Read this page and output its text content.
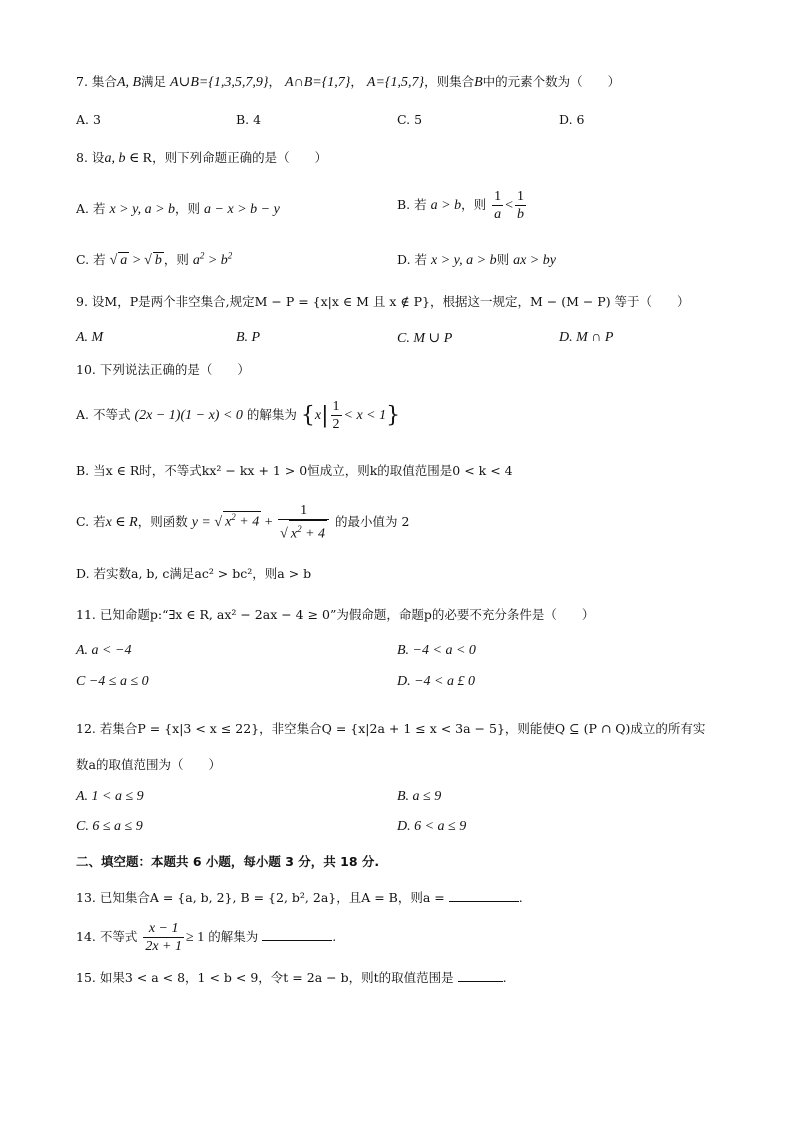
7. 集合A, B满足 A∪B={1,3,5,7,9}， A∩B={1,7}， A={1,5,7}，则集合B中的元素个数为（　　）
A. 3	B. 4	C. 5	D. 6
8. 设a, b ∈ R，则下列命题正确的是（　　）
A. 若 x > y, a > b，则 a − x > b − y	B. 若 a > b，则 $\frac{1}{a} < \frac{1}{b}$
C. 若 √ a > √ b ，则 $a^2 > b^2$	D. 若 x > y, a > b则 ax > by
9. 设M，P是两个非空集合,规定M − P = {x|x ∈ M 且 x ∉ P}，根据这一规定，M − (M − P) 等于（　　）
A. M	B. P	C. M ∪ P	D. M ∩ P
10. 下列说法正确的是（　　）
A. 不等式 (2x − 1)(1 − x) < 0 的解集为 $\{x| \frac{1}{2} < x < 1\}$
B. 当x ∈ R时，不等式kx² − kx + 1 > 0恒成立，则k的取值范围是0 < k < 4
C. 若x ∈ R，则函数 y = √ $x^2 + 4 + \frac{1}{√ x^2 + 4}$ 的最小值为 2
D. 若实数a, b, c满足ac² > bc²，则a > b
11. 已知命题p:“∃x ∈ R, ax² − 2ax − 4 ≥ 0”为假命题，命题p的必要不充分条件是（　　）
A. a < −4	B. −4 < a < 0
C −4 ≤ a ≤ 0	D. −4 < a £ 0
12. 若集合P = {x|3 < x ≤ 22}，非空集合Q = {x|2a + 1 ≤ x < 3a − 5}，则能使Q ⊆ (P ∩ Q)成立的所有实
数a的取值范围为（　　）
A. 1 < a ≤ 9	B. a ≤ 9
C. 6 ≤ a ≤ 9	D. 6 < a ≤ 9
二、填空题：本题共 6 小题，每小题 3 分，共 18 分.
13. 已知集合A = {a, b, 2}, B = {2, b², 2a}，且A = B，则a =	.
14. 不等式 $\frac{x - 1}{2x + 1} \ge 1$ 的解集为	.
15. 如果3 < a < 8，1 < b < 9，令t = 2a − b，则t的取值范围是	.
